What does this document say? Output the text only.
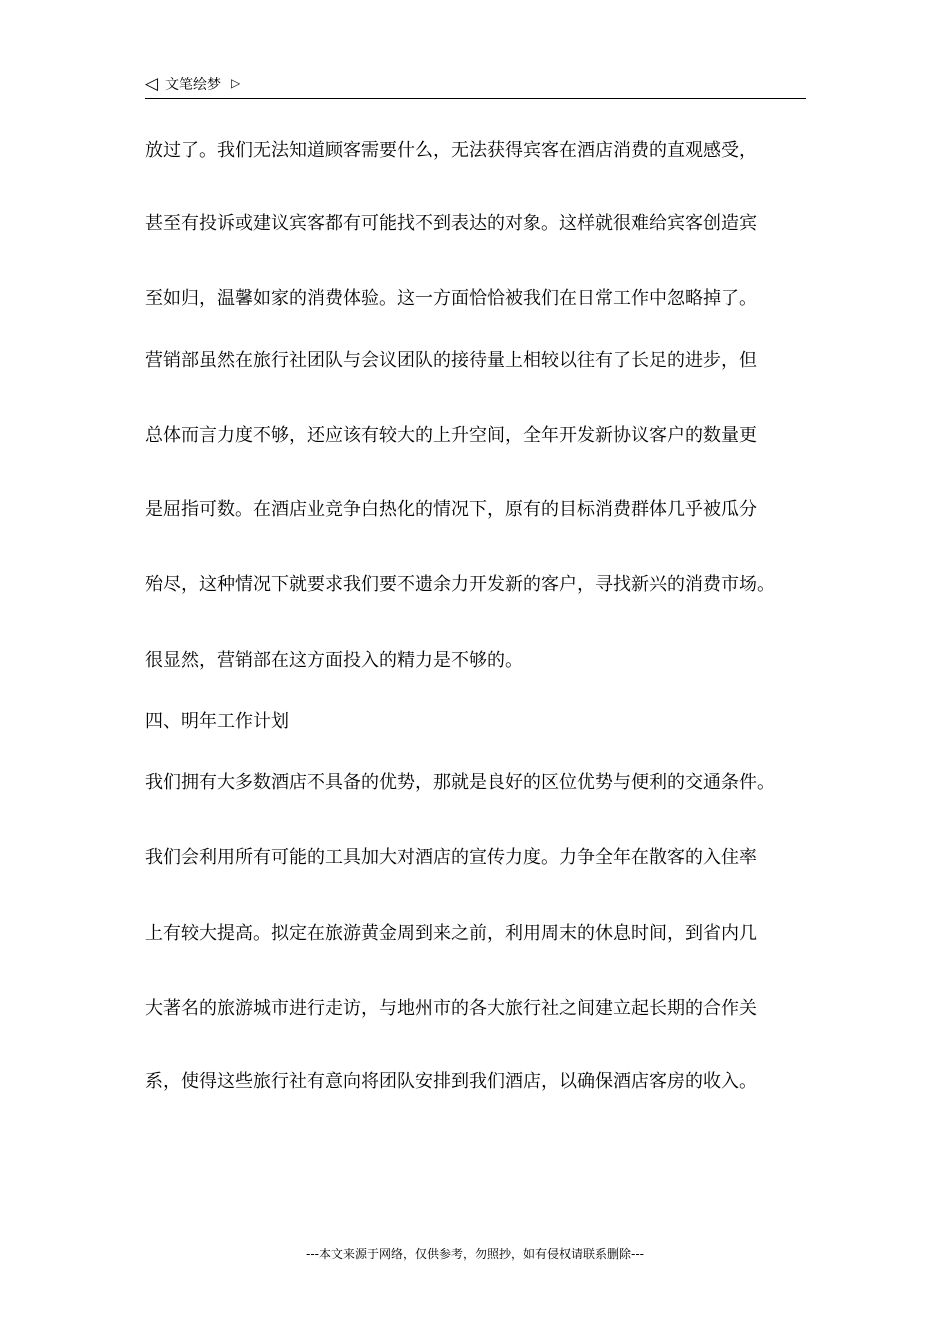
◁ 文笔绘梦 ▷
放过了。我们无法知道顾客需要什么，无法获得宾客在酒店消费的直观感受，
甚至有投诉或建议宾客都有可能找不到表达的对象。这样就很难给宾客创造宾
至如归，温馨如家的消费体验。这一方面恰恰被我们在日常工作中忽略掉了。
营销部虽然在旅行社团队与会议团队的接待量上相较以往有了长足的进步，但
总体而言力度不够，还应该有较大的上升空间，全年开发新协议客户的数量更
是屈指可数。在酒店业竞争白热化的情况下，原有的目标消费群体几乎被瓜分
殆尽，这种情况下就要求我们要不遗余力开发新的客户，寻找新兴的消费市场。
很显然，营销部在这方面投入的精力是不够的。
四、明年工作计划
我们拥有大多数酒店不具备的优势，那就是良好的区位优势与便利的交通条件。
我们会利用所有可能的工具加大对酒店的宣传力度。力争全年在散客的入住率
上有较大提高。拟定在旅游黄金周到来之前，利用周末的休息时间，到省内几
大著名的旅游城市进行走访，与地州市的各大旅行社之间建立起长期的合作关
系，使得这些旅行社有意向将团队安排到我们酒店，以确保酒店客房的收入。
---本文来源于网络，仅供参考，勿照抄，如有侵权请联系删除---
